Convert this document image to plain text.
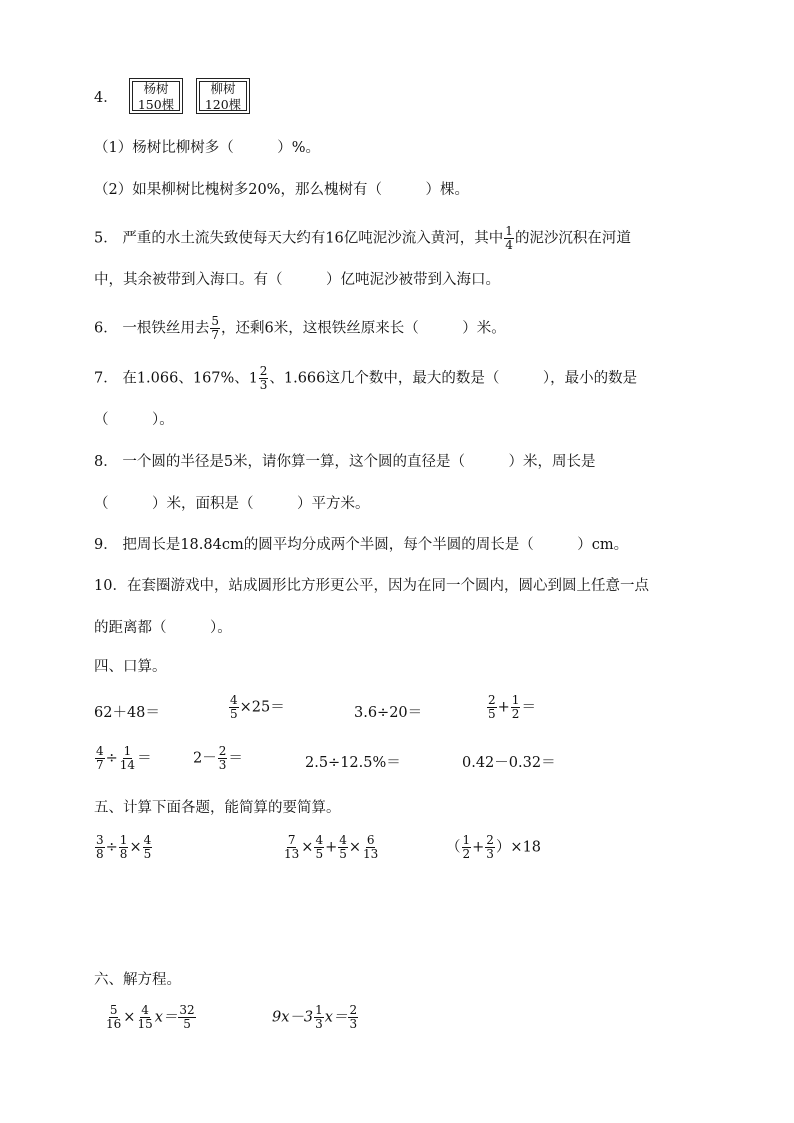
4．
杨树
150棵
柳树
120棵
（1）杨树比柳树多（　　　）%。
（2）如果柳树比槐树多20%，那么槐树有（　　　）棵。
5． 严重的水土流失致使每天大约有16亿吨泥沙流入黄河，其中 $\frac{1}{4}$ 的泥沙沉积在河道
中，其余被带到入海口。有（　　　）亿吨泥沙被带到入海口。
6． 一根铁丝用去 $\frac{5}{7}$ ，还剩6米，这根铁丝原来长（　　　）米。
7． 在1.066、167%、$1 \frac{2}{3}$ 、1.666这几个数中，最大的数是（　　　），最小的数是
（　　　）。
8． 一个圆的半径是5米，请你算一算，这个圆的直径是（　　　）米，周长是
（　　　）米，面积是（　　　）平方米。
9． 把周长是18.84cm的圆平均分成两个半圆，每个半圆的周长是（　　　）cm。
10．在套圈游戏中，站成圆形比方形更公平，因为在同一个圆内，圆心到圆上任意一点
的距离都（　　　）。
四、口算。
62＋48＝	$\frac{4}{5} \times 25=$	3.6÷20＝	$\frac{2}{5} + \frac{1}{2}$ ＝
$\frac{4}{7} \div \frac{1}{14}$ ＝	$2- \frac{2}{3}$ ＝	2.5÷12.5%＝	0.42－0.32＝
五、计算下面各题，能简算的要简算。
$\frac{3}{8} \div \frac{1}{8} \times \frac{4}{5}$	$\frac{7}{13} \times \frac{4}{5} + \frac{4}{5} \times \frac{6}{13}$	（ $\frac{1}{2} + \frac{2}{3} )\times 18$
六、解方程。
$\frac{5}{16} \times \frac{4}{15} x= \frac{32}{5}$	$9x-3 \frac{1}{3} x= \frac{2}{3}$
